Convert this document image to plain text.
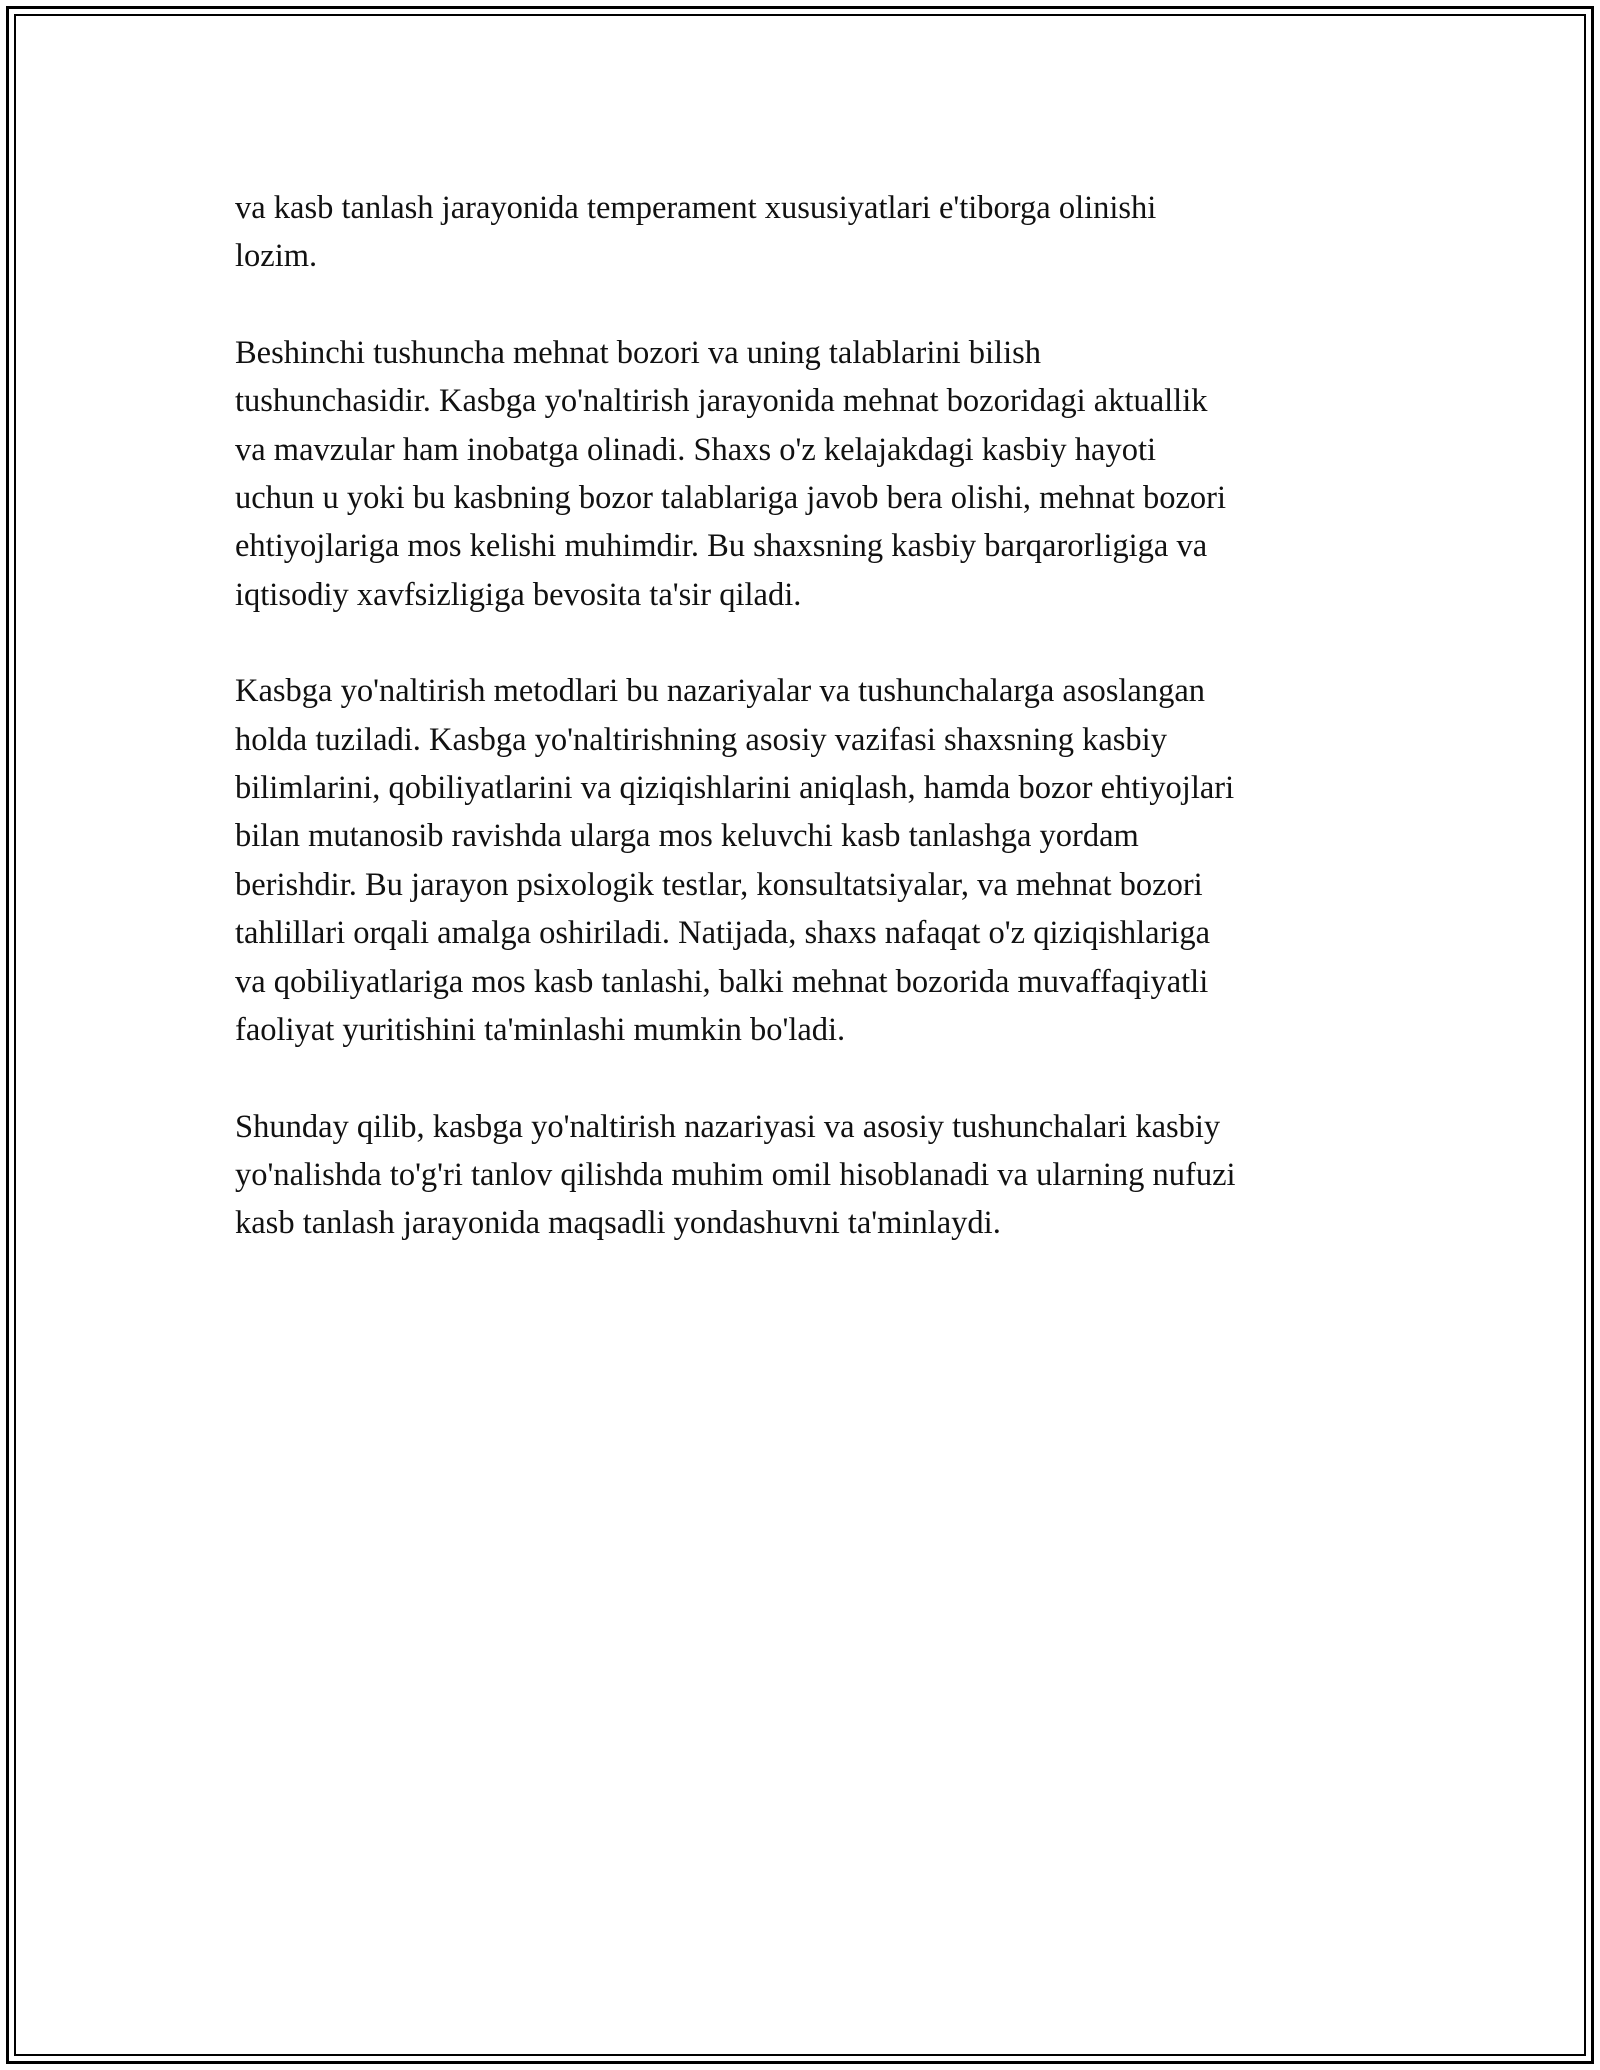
va kasb tanlash jarayonida temperament xususiyatlari e'tiborga olinishi
lozim.

Beshinchi tushuncha mehnat bozori va uning talablarini bilish
tushunchasidir. Kasbga yo'naltirish jarayonida mehnat bozoridagi aktuallik
va mavzular ham inobatga olinadi. Shaxs o'z kelajakdagi kasbiy hayoti
uchun u yoki bu kasbning bozor talablariga javob bera olishi, mehnat bozori
ehtiyojlariga mos kelishi muhimdir. Bu shaxsning kasbiy barqarorligiga va
iqtisodiy xavfsizligiga bevosita ta'sir qiladi.

Kasbga yo'naltirish metodlari bu nazariyalar va tushunchalarga asoslangan
holda tuziladi. Kasbga yo'naltirishning asosiy vazifasi shaxsning kasbiy
bilimlarini, qobiliyatlarini va qiziqishlarini aniqlash, hamda bozor ehtiyojlari
bilan mutanosib ravishda ularga mos keluvchi kasb tanlashga yordam
berishdir. Bu jarayon psixologik testlar, konsultatsiyalar, va mehnat bozori
tahlillari orqali amalga oshiriladi. Natijada, shaxs nafaqat o'z qiziqishlariga
va qobiliyatlariga mos kasb tanlashi, balki mehnat bozorida muvaffaqiyatli
faoliyat yuritishini ta'minlashi mumkin bo'ladi.

Shunday qilib, kasbga yo'naltirish nazariyasi va asosiy tushunchalari kasbiy
yo'nalishda to'g'ri tanlov qilishda muhim omil hisoblanadi va ularning nufuzi
kasb tanlash jarayonida maqsadli yondashuvni ta'minlaydi.
